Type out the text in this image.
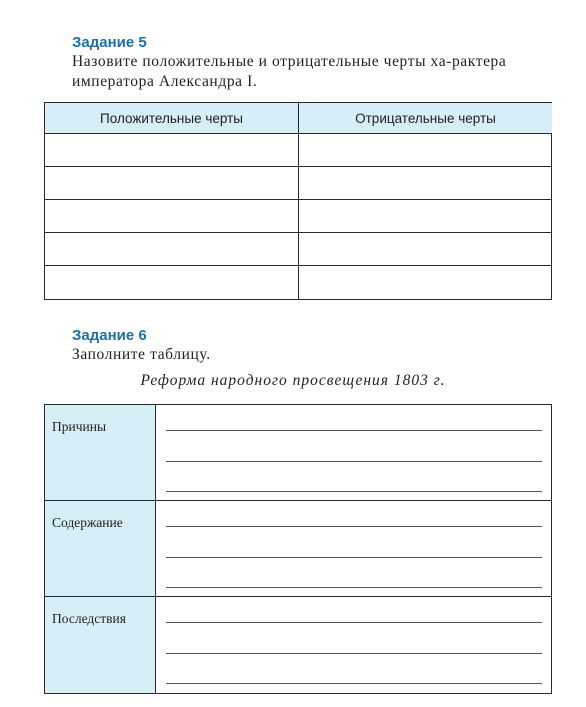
Задание 5
Назовите положительные и отрицательные черты ха-рактера императора Александра I.
Положительные черты	Отрицательные черты
Задание 6
Заполните таблицу.
Реформа народного просвещения 1803 г.
Причины
Содержание
Последствия
